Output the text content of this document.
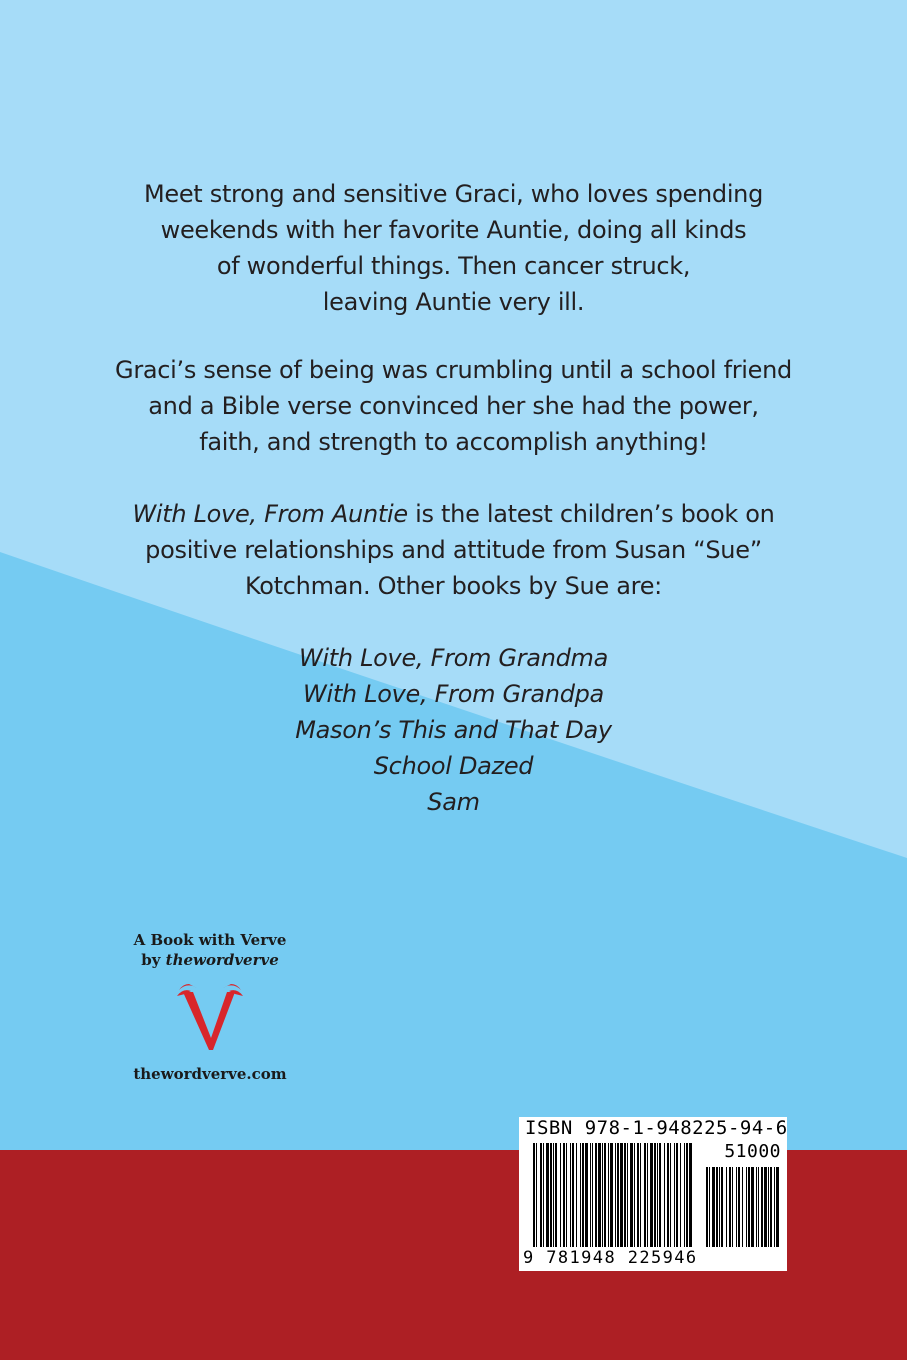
Meet strong and sensitive Graci, who loves spending

weekends with her favorite Auntie, doing all kinds

of wonderful things. Then cancer struck,

leaving Auntie very ill.

Graci’s sense of being was crumbling until a school friend

and a Bible verse convinced her she had the power,

faith, and strength to accomplish anything!

With Love, From Auntie is the latest children’s book on

positive relationships and attitude from Susan “Sue”

Kotchman. Other books by Sue are:

With Love, From Grandma
With Love, From Grandpa
Mason’s This and That Day
School Dazed
Sam
A Book with Verve
by thewordverve
thewordverve.com
ISBN 978-1-948225-94-6
51000
9 781948 225946
